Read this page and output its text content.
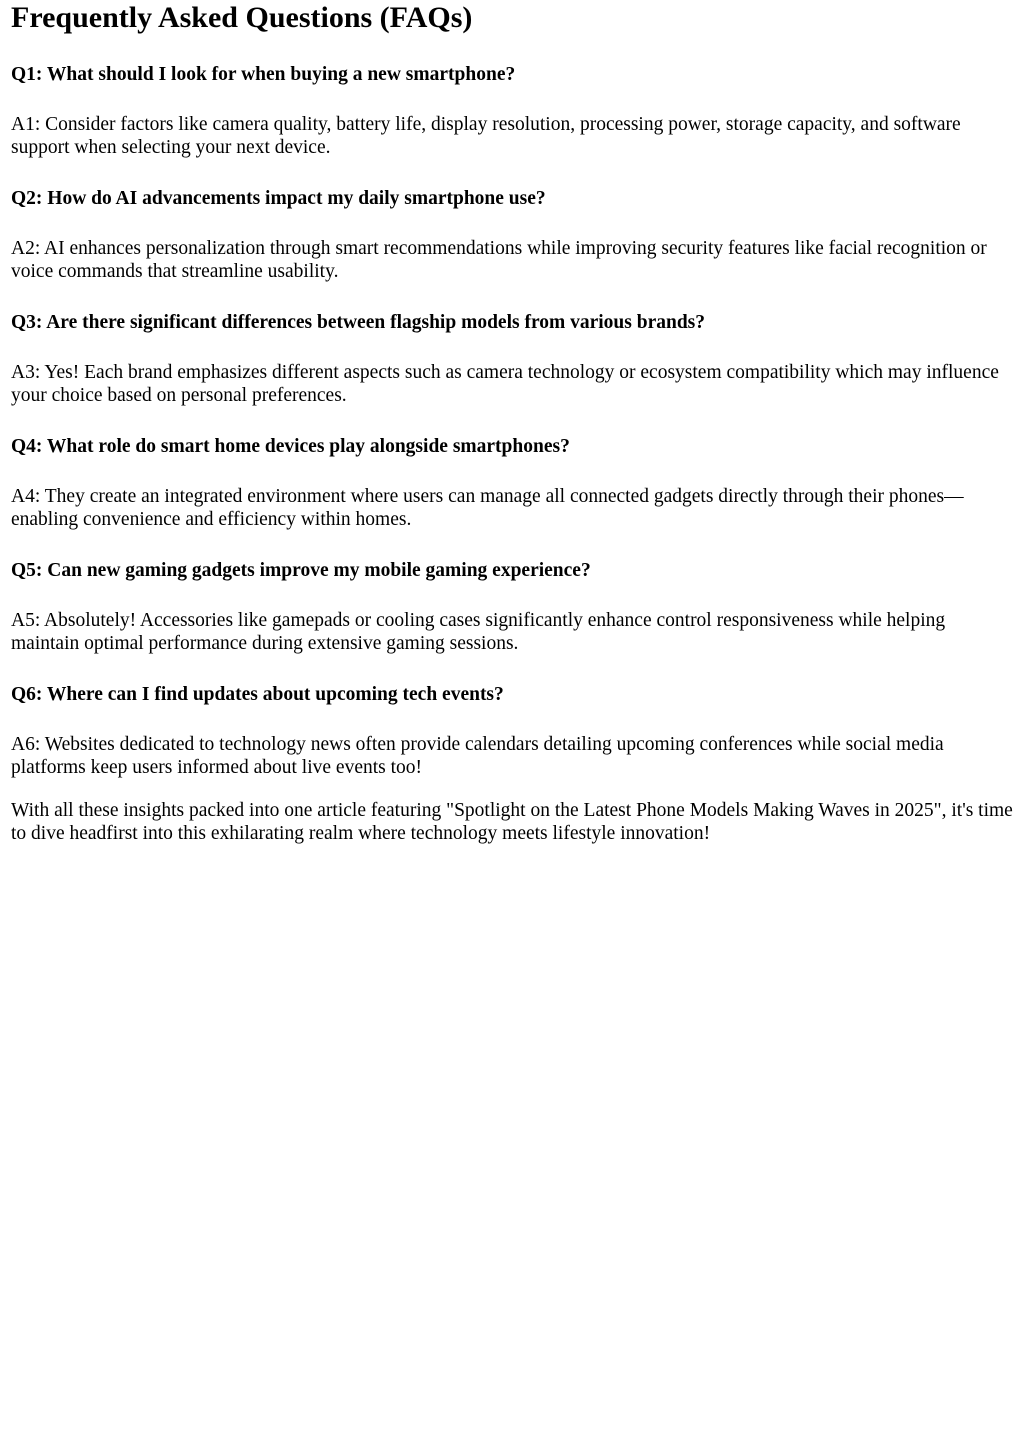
Frequently Asked Questions (FAQs)
Q1: What should I look for when buying a new smartphone?

A1: Consider factors like camera quality, battery life, display resolution, processing power, storage capacity, and software support when selecting your next device.

Q2: How do AI advancements impact my daily smartphone use?

A2: AI enhances personalization through smart recommendations while improving security features like facial recognition or voice commands that streamline usability.

Q3: Are there significant differences between flagship models from various brands?

A3: Yes! Each brand emphasizes different aspects such as camera technology or ecosystem compatibility which may influence your choice based on personal preferences.

Q4: What role do smart home devices play alongside smartphones?

A4: They create an integrated environment where users can manage all connected gadgets directly through their phones—enabling convenience and efficiency within homes.

Q5: Can new gaming gadgets improve my mobile gaming experience?

A5: Absolutely! Accessories like gamepads or cooling cases significantly enhance control responsiveness while helping maintain optimal performance during extensive gaming sessions.

Q6: Where can I find updates about upcoming tech events?

A6: Websites dedicated to technology news often provide calendars detailing upcoming conferences while social media platforms keep users informed about live events too!

With all these insights packed into one article featuring "Spotlight on the Latest Phone Models Making Waves in 2025", it's time to dive headfirst into this exhilarating realm where technology meets lifestyle innovation!
